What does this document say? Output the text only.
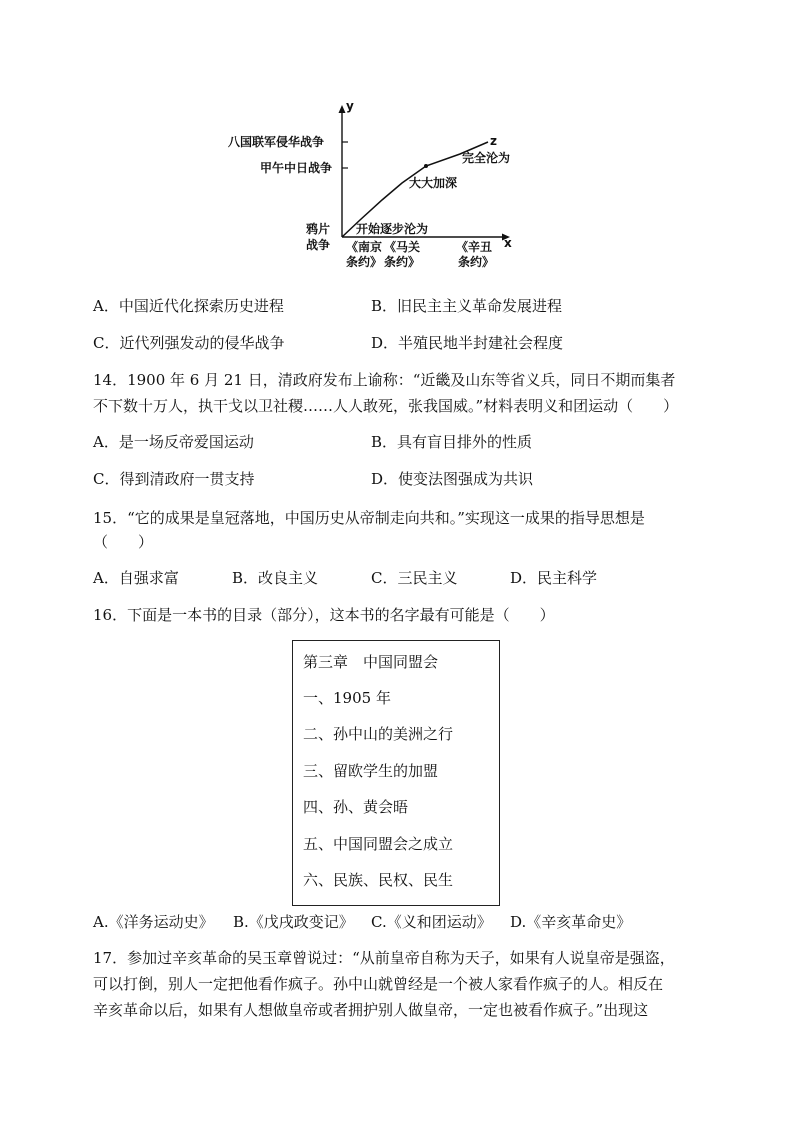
y
x
八国联军侵华战争
甲午中日战争
鸦片
战争
z
开始逐步沦为
大大加深
完全沦为
《南京
条约》
《马关
条约》
《辛丑
条约》
A．中国近代化探索历史进程	B．旧民主主义革命发展进程
C．近代列强发动的侵华战争	D．半殖民地半封建社会程度
14．1900 年 6 月 21 日，清政府发布上谕称：“近畿及山东等省义兵，同日不期而集者
不下数十万人，执干戈以卫社稷……人人敢死，张我国威。”材料表明义和团运动（　　）
A．是一场反帝爱国运动	B．具有盲目排外的性质
C．得到清政府一贯支持	D．使变法图强成为共识
15．“它的成果是皇冠落地，中国历史从帝制走向共和。”实现这一成果的指导思想是
（　　）
A．自强求富	B．改良主义	C．三民主义	D．民主科学
16．下面是一本书的目录（部分），这本书的名字最有可能是（　　）
第三章　中国同盟会
一、1905 年
二、孙中山的美洲之行
三、留欧学生的加盟
四、孙、黄会晤
五、中国同盟会之成立
六、民族、民权、民生
A.《洋务运动史》 B.《戊戌政变记》 C.《义和团运动》 D.《辛亥革命史》
17．参加过辛亥革命的吴玉章曾说过：“从前皇帝自称为天子，如果有人说皇帝是强盗，
可以打倒，别人一定把他看作疯子。孙中山就曾经是一个被人家看作疯子的人。相反在
辛亥革命以后，如果有人想做皇帝或者拥护别人做皇帝，一定也被看作疯子。”出现这
